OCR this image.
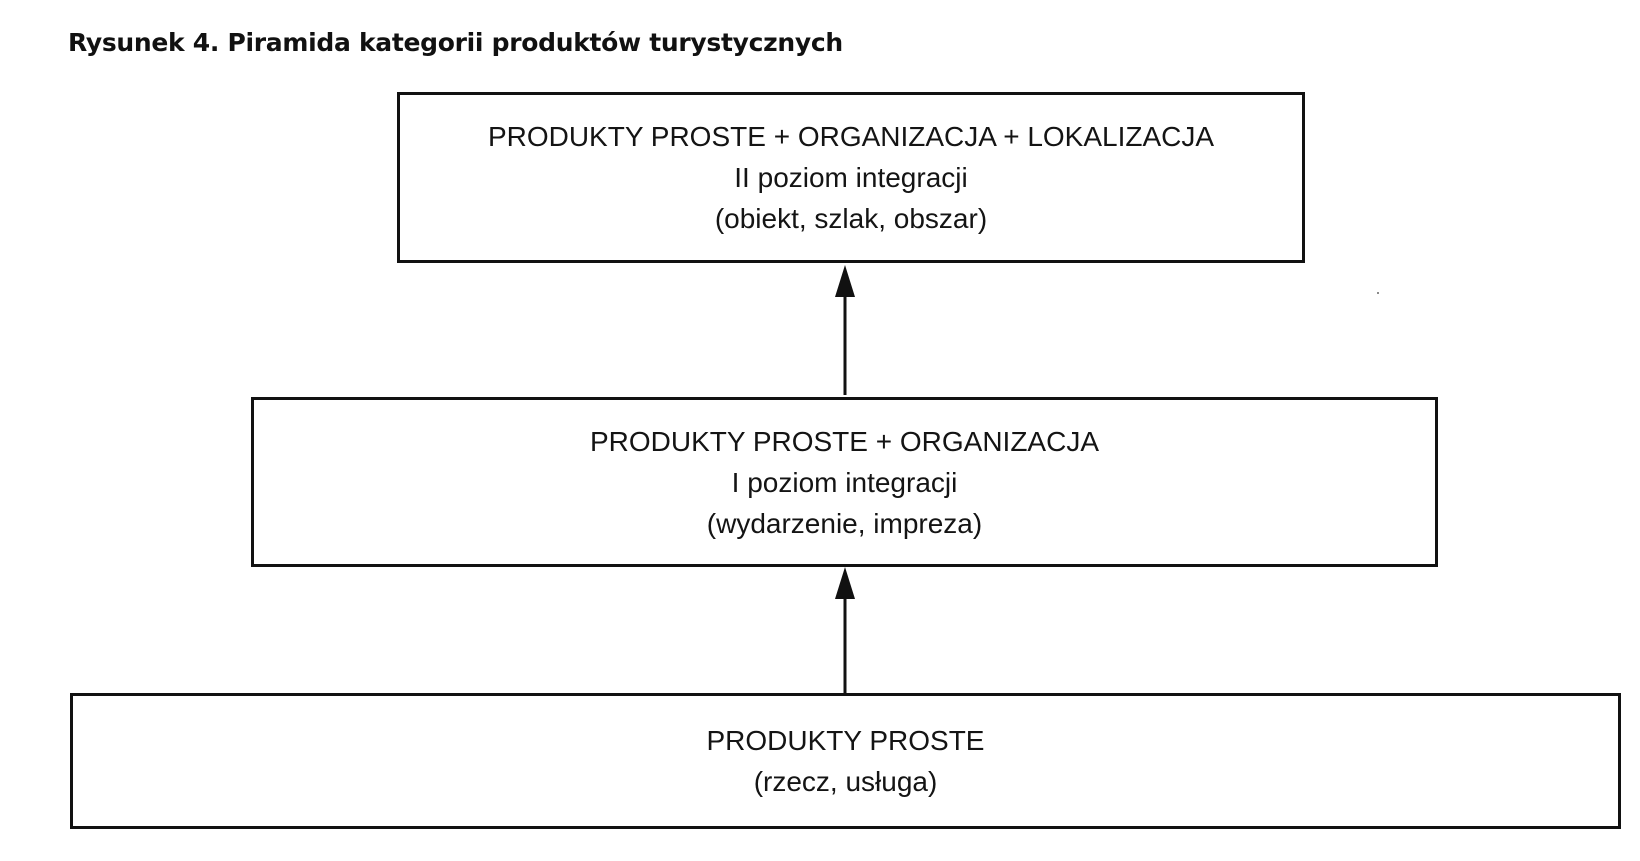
Rysunek 4. Piramida kategorii produktów turystycznych
PRODUKTY PROSTE + ORGANIZACJA + LOKALIZACJA
II poziom integracji
(obiekt, szlak, obszar)
PRODUKTY PROSTE + ORGANIZACJA
I poziom integracji
(wydarzenie, impreza)
PRODUKTY PROSTE
(rzecz, usługa)
